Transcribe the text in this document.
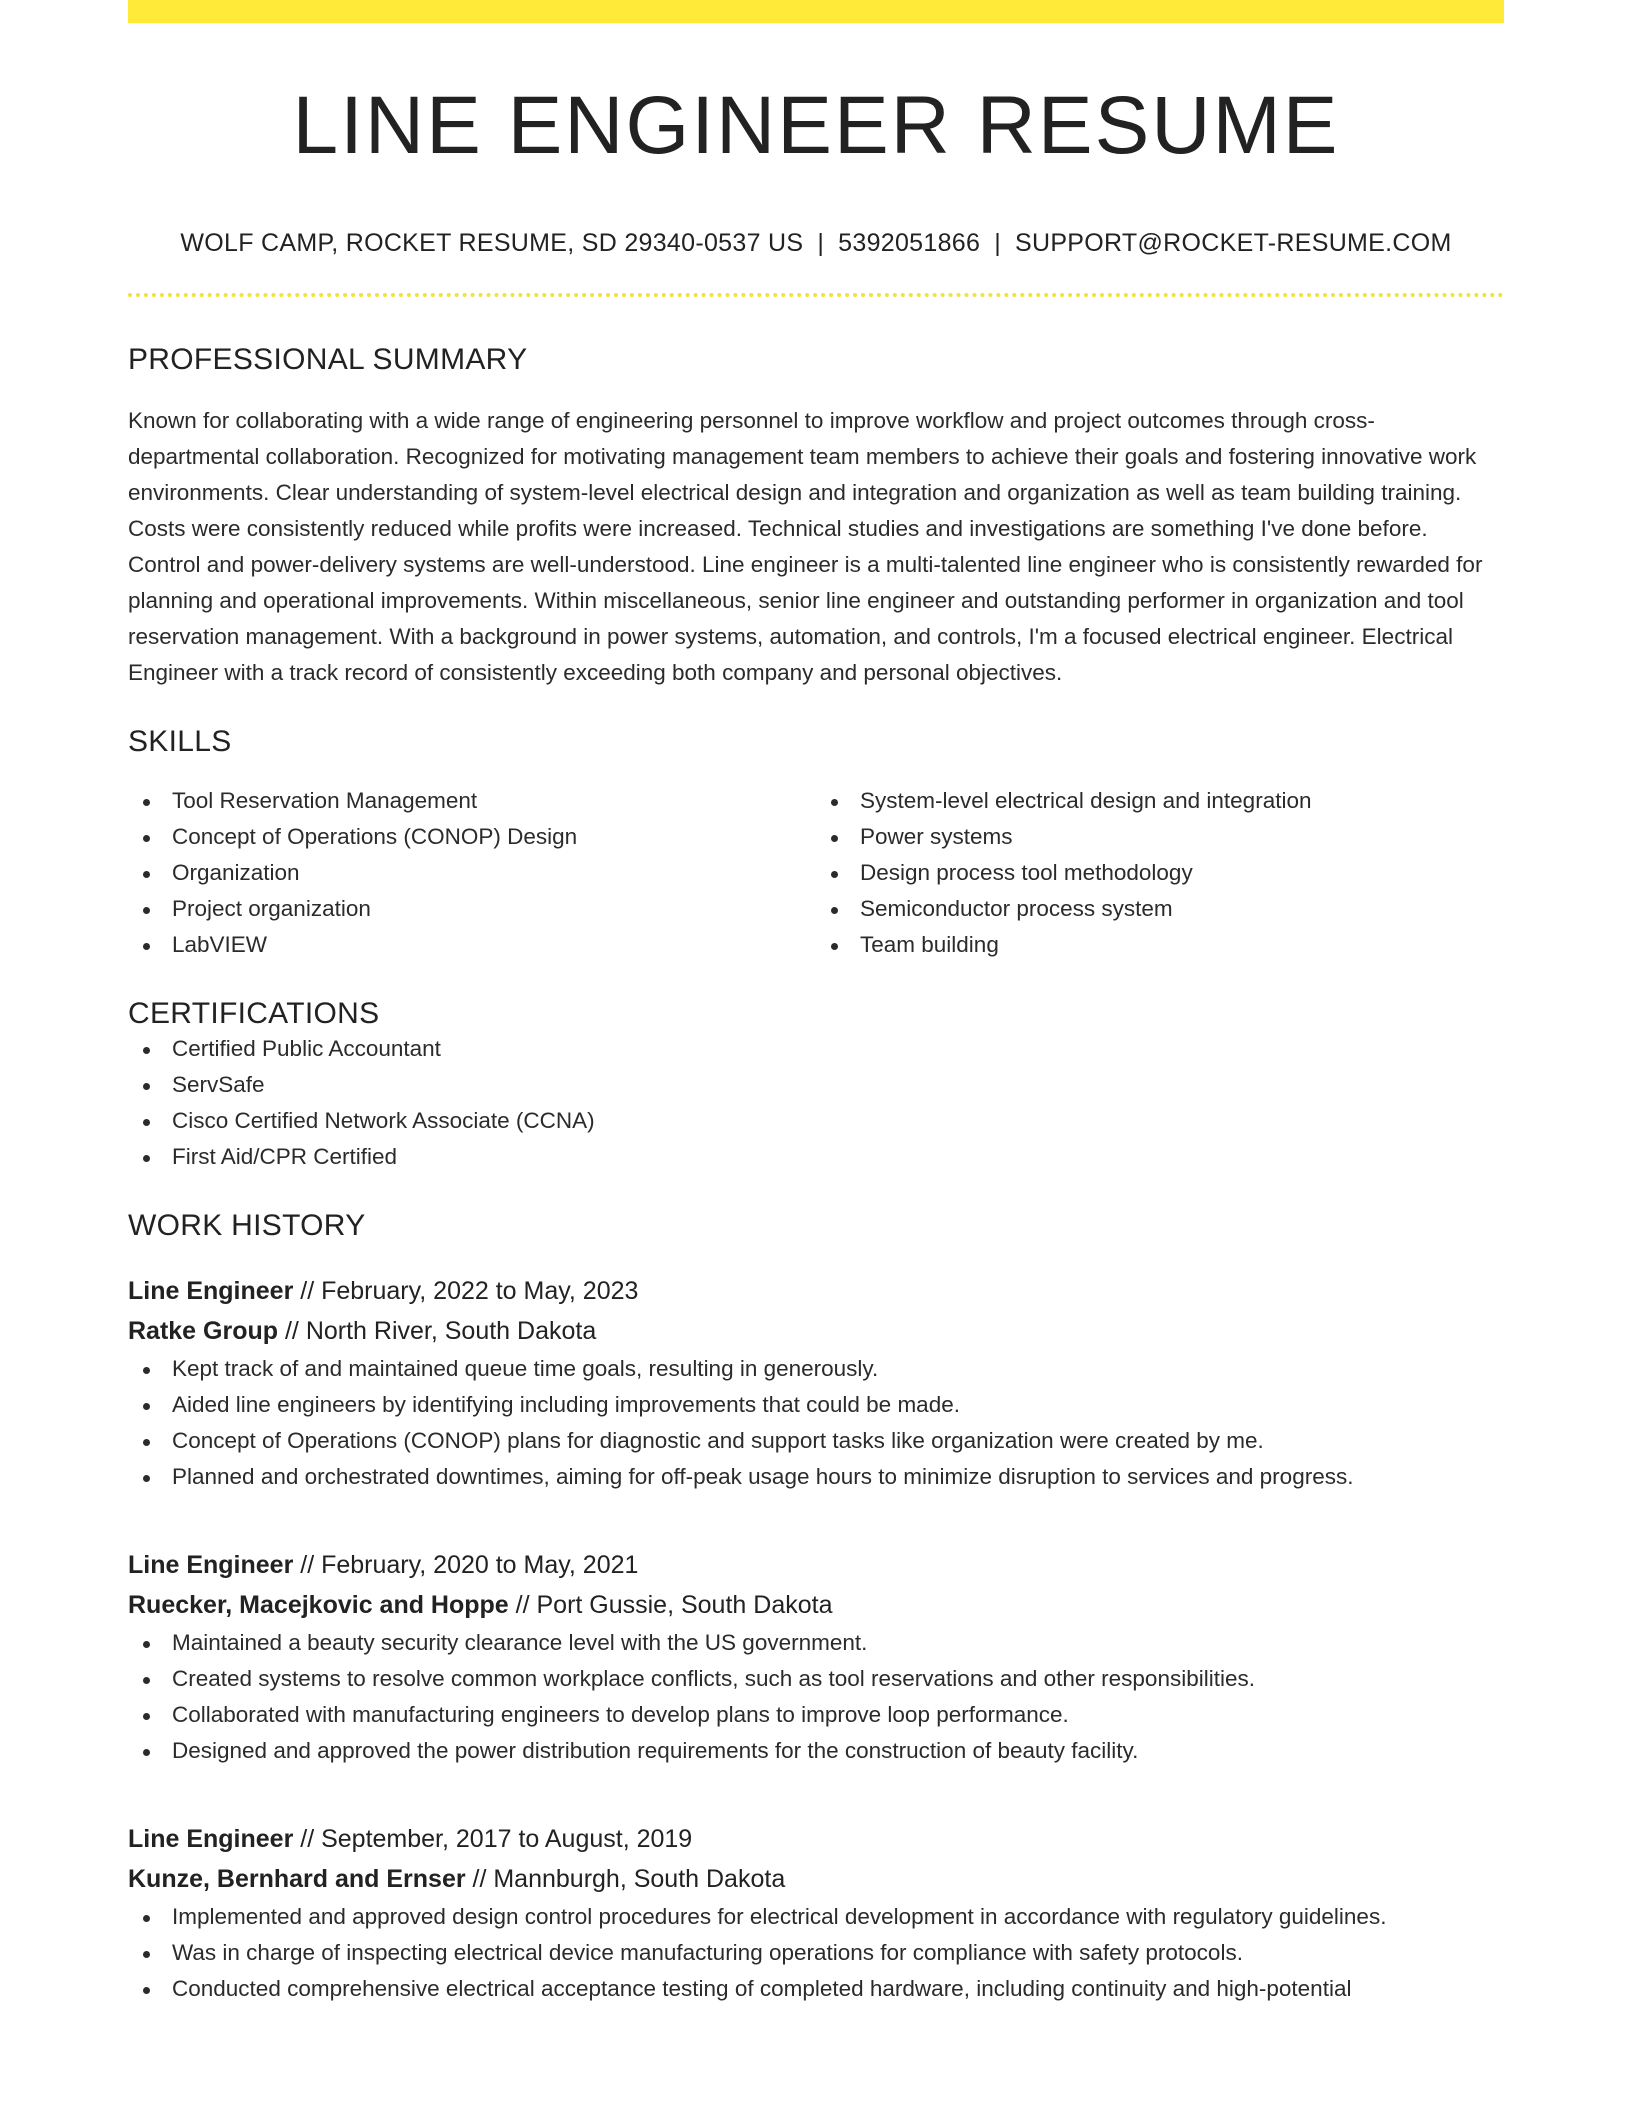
LINE ENGINEER RESUME
WOLF CAMP, ROCKET RESUME, SD 29340-0537 US | 5392051866 | SUPPORT@ROCKET-RESUME.COM
PROFESSIONAL SUMMARY
Known for collaborating with a wide range of engineering personnel to improve workflow and project outcomes through cross-departmental collaboration. Recognized for motivating management team members to achieve their goals and fostering innovative work environments. Clear understanding of system-level electrical design and integration and organization as well as team building training. Costs were consistently reduced while profits were increased. Technical studies and investigations are something I've done before. Control and power-delivery systems are well-understood. Line engineer is a multi-talented line engineer who is consistently rewarded for planning and operational improvements. Within miscellaneous, senior line engineer and outstanding performer in organization and tool reservation management. With a background in power systems, automation, and controls, I'm a focused electrical engineer. Electrical Engineer with a track record of consistently exceeding both company and personal objectives.
SKILLS
Tool Reservation Management
Concept of Operations (CONOP) Design
Organization
Project organization
LabVIEW
System-level electrical design and integration
Power systems
Design process tool methodology
Semiconductor process system
Team building
CERTIFICATIONS
Certified Public Accountant
ServSafe
Cisco Certified Network Associate (CCNA)
First Aid/CPR Certified
WORK HISTORY
Line Engineer // February, 2022 to May, 2023
Ratke Group // North River, South Dakota
Kept track of and maintained queue time goals, resulting in generously.
Aided line engineers by identifying including improvements that could be made.
Concept of Operations (CONOP) plans for diagnostic and support tasks like organization were created by me.
Planned and orchestrated downtimes, aiming for off-peak usage hours to minimize disruption to services and progress.
Line Engineer // February, 2020 to May, 2021
Ruecker, Macejkovic and Hoppe // Port Gussie, South Dakota
Maintained a beauty security clearance level with the US government.
Created systems to resolve common workplace conflicts, such as tool reservations and other responsibilities.
Collaborated with manufacturing engineers to develop plans to improve loop performance.
Designed and approved the power distribution requirements for the construction of beauty facility.
Line Engineer // September, 2017 to August, 2019
Kunze, Bernhard and Ernser // Mannburgh, South Dakota
Implemented and approved design control procedures for electrical development in accordance with regulatory guidelines.
Was in charge of inspecting electrical device manufacturing operations for compliance with safety protocols.
Conducted comprehensive electrical acceptance testing of completed hardware, including continuity and high-potential
